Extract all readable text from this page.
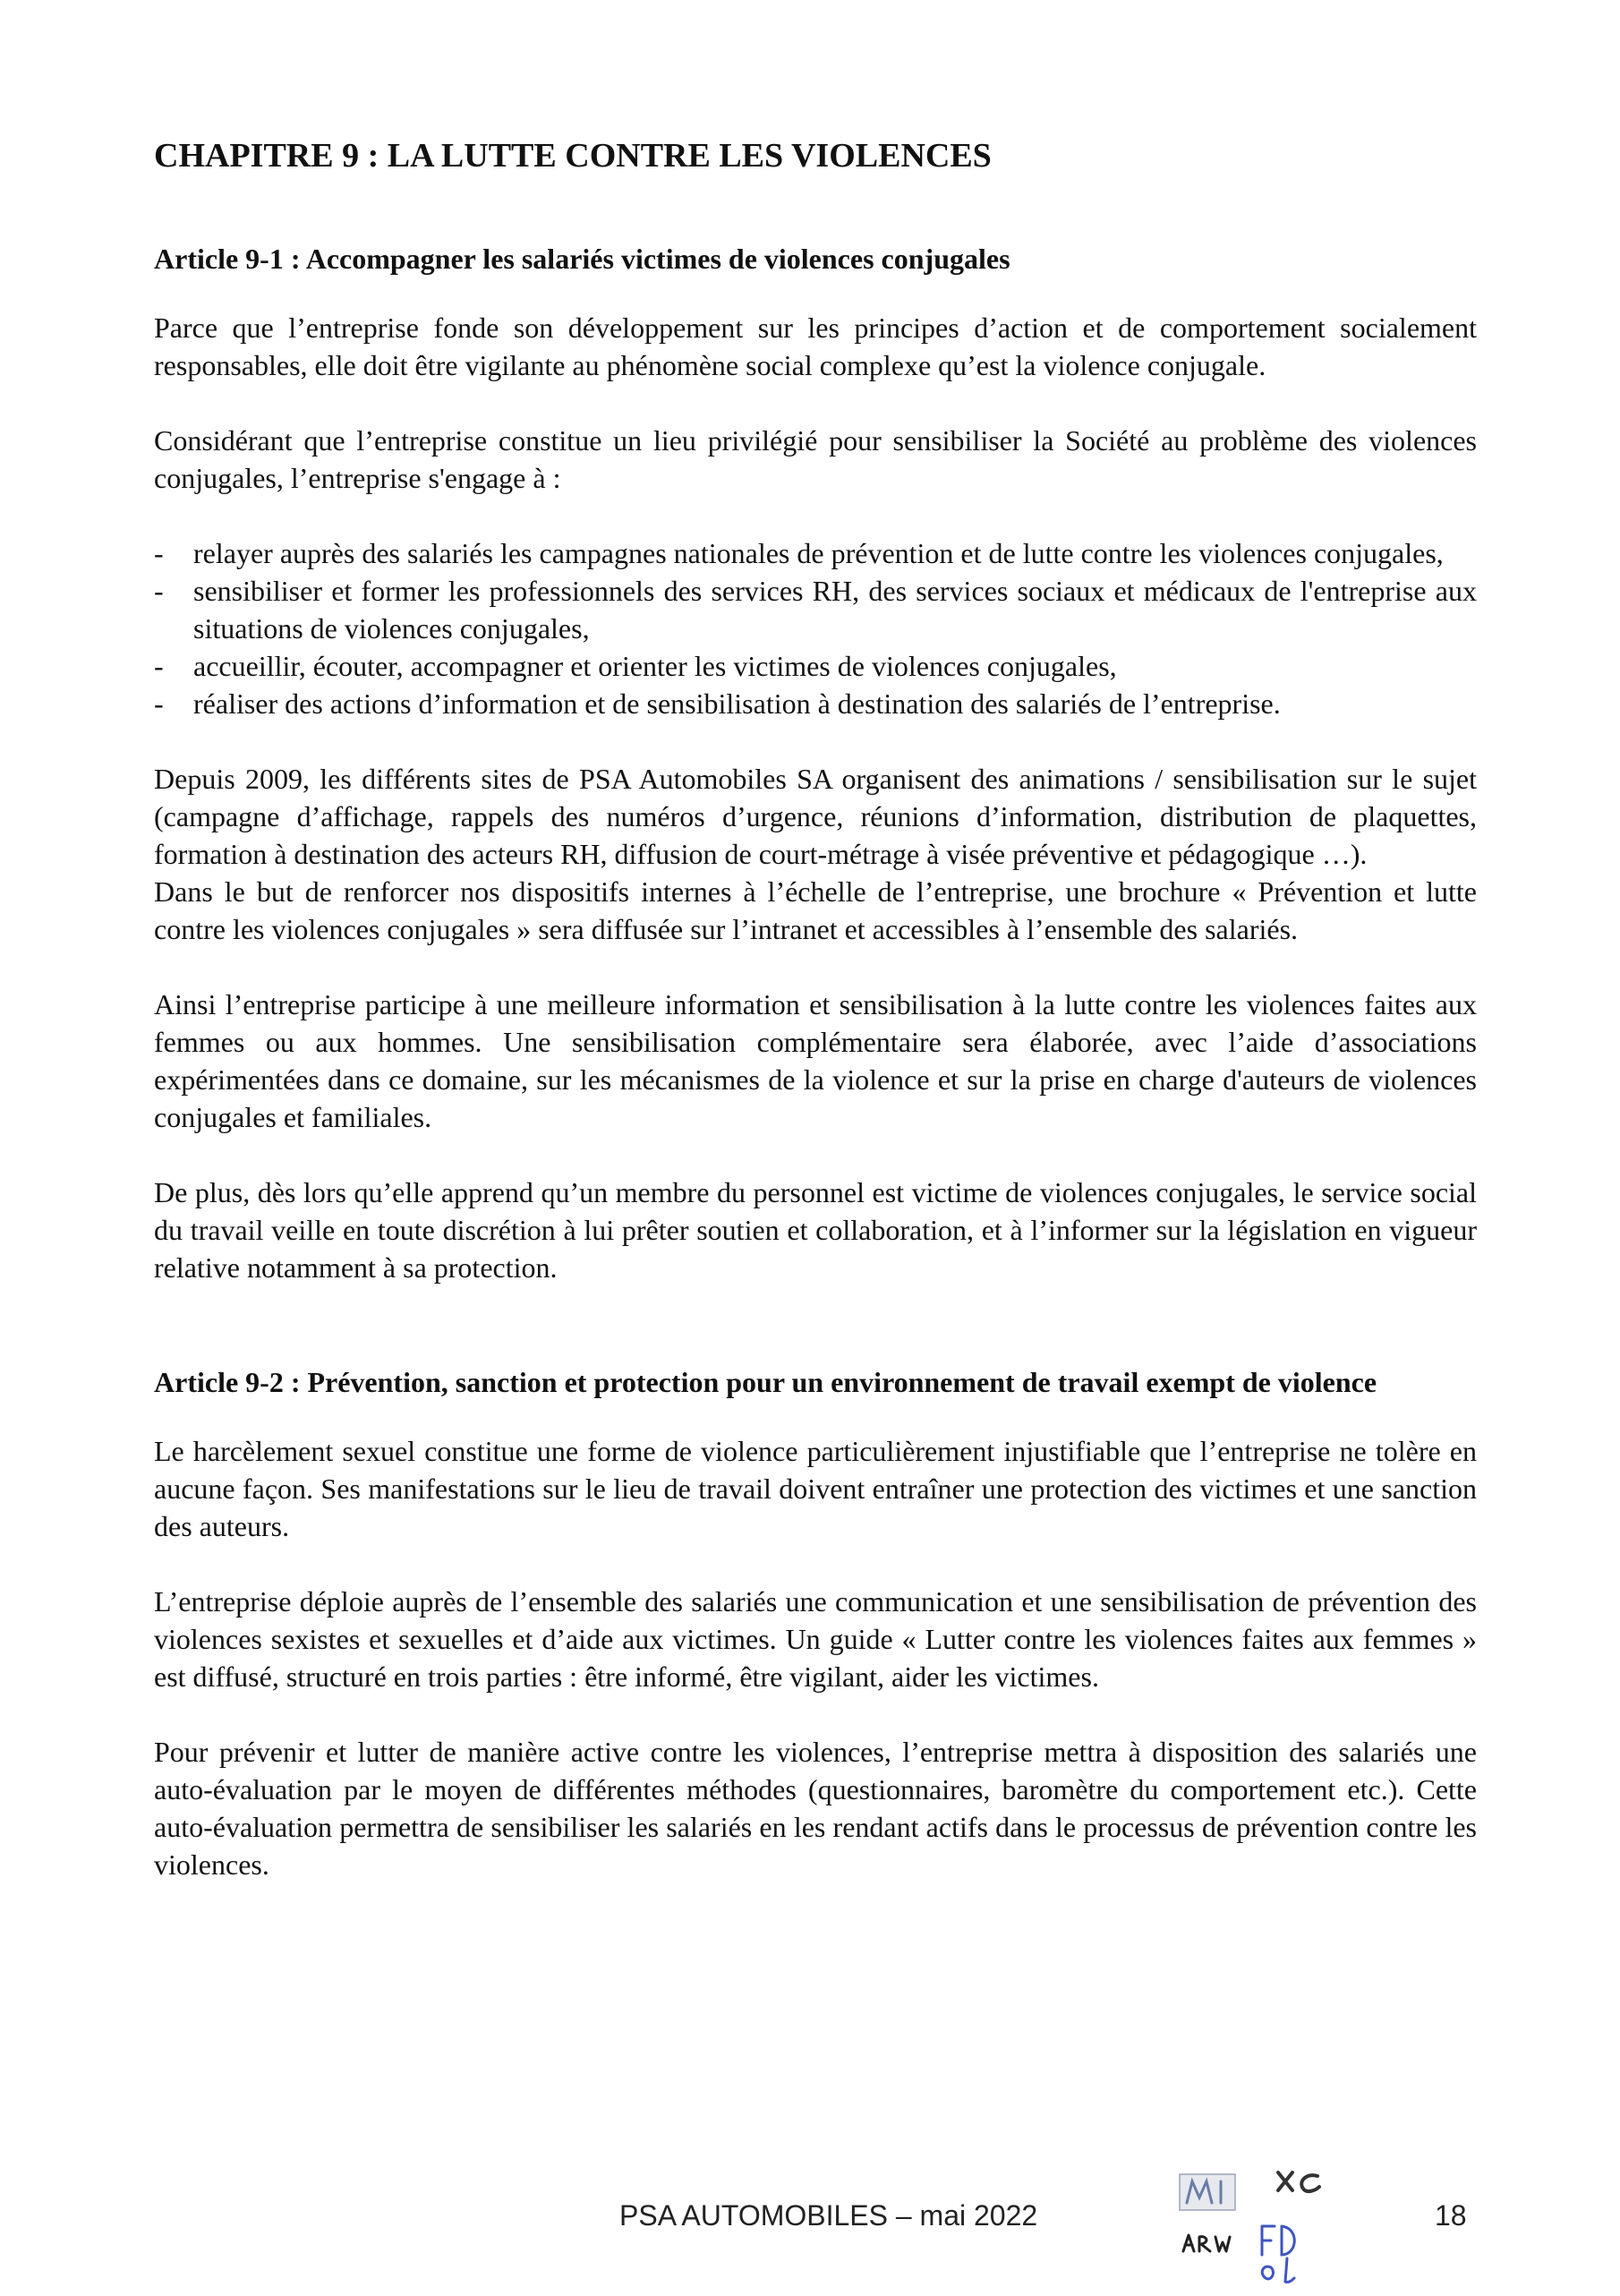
CHAPITRE 9 : LA LUTTE CONTRE LES VIOLENCES
Article 9-1 : Accompagner les salariés victimes de violences conjugales

Parce que l’entreprise fonde son développement sur les principes d’action et de comportement socialement responsables, elle doit être vigilante au phénomène social complexe qu’est la violence conjugale.

Considérant que l’entreprise constitue un lieu privilégié pour sensibiliser la Société au problème des violences conjugales, l’entreprise s'engage à :

- relayer auprès des salariés les campagnes nationales de prévention et de lutte contre les violences conjugales,
- sensibiliser et former les professionnels des services RH, des services sociaux et médicaux de l'entreprise aux situations de violences conjugales,
- accueillir, écouter, accompagner et orienter les victimes de violences conjugales,
- réaliser des actions d’information et de sensibilisation à destination des salariés de l’entreprise.

Depuis 2009, les différents sites de PSA Automobiles SA organisent des animations / sensibilisation sur le sujet (campagne d’affichage, rappels des numéros d’urgence, réunions d’information, distribution de plaquettes, formation à destination des acteurs RH, diffusion de court-métrage à visée préventive et pédagogique …).

Dans le but de renforcer nos dispositifs internes à l’échelle de l’entreprise, une brochure « Prévention et lutte contre les violences conjugales » sera diffusée sur l’intranet et accessibles à l’ensemble des salariés.

Ainsi l’entreprise participe à une meilleure information et sensibilisation à la lutte contre les violences faites aux femmes ou aux hommes. Une sensibilisation complémentaire sera élaborée, avec l’aide d’associations expérimentées dans ce domaine, sur les mécanismes de la violence et sur la prise en charge d'auteurs de violences conjugales et familiales.

De plus, dès lors qu’elle apprend qu’un membre du personnel est victime de violences conjugales, le service social du travail veille en toute discrétion à lui prêter soutien et collaboration, et à l’informer sur la législation en vigueur relative notamment à sa protection.

Article 9-2 : Prévention, sanction et protection pour un environnement de travail exempt de violence

Le harcèlement sexuel constitue une forme de violence particulièrement injustifiable que l’entreprise ne tolère en aucune façon. Ses manifestations sur le lieu de travail doivent entraîner une protection des victimes et une sanction des auteurs.

L’entreprise déploie auprès de l’ensemble des salariés une communication et une sensibilisation de prévention des violences sexistes et sexuelles et d’aide aux victimes. Un guide « Lutter contre les violences faites aux femmes » est diffusé, structuré en trois parties : être informé, être vigilant, aider les victimes.

Pour prévenir et lutter de manière active contre les violences, l’entreprise mettra à disposition des salariés une auto-évaluation par le moyen de différentes méthodes (questionnaires, baromètre du comportement etc.). Cette auto-évaluation permettra de sensibiliser les salariés en les rendant actifs dans le processus de prévention contre les violences.

PSA AUTOMOBILES – mai 2022	18
